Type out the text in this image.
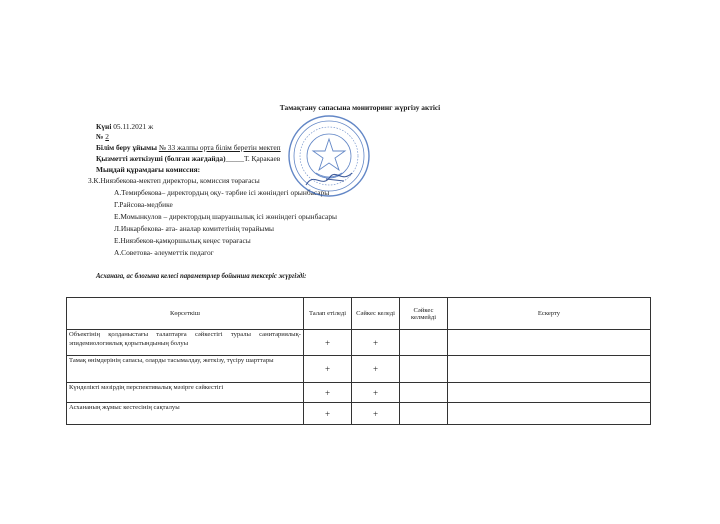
Тамақтану сапасына мониторинг жүргізу актісі
Күні 05.11.2021 ж
№ 2
Білім беру ұйымы № 33 жалпы орта білім беретін мектеп
Қызметті жеткізуші (болған жағдайда)_____Т. Қаракаев
Мыңдай құрамдағы комиссия:
З.К.Ниязбекова-мектеп директоры, комиссия төрағасы
А.Темирбекова– директордың оқу- тәрбие ісі жөніндегі орынбасары
Г.Райсова-медбике
Е.Момынкулов – директордың шаруашылық ісі жөніндегі орынбасары
Л.Инкарбекова- ата- аналар комитетінің төрайымы
Е.Ниязбеков-қамқоршылық кеңес төрағасы
А.Советова- әлеуметтік педагог
Асханаға, ас блогына келесі параметрлер бойынша тексеріс жүргізді:
Көрсеткіш	Талап етіледі	Сәйкес келеді	Сәйкес келмейді	Ескерту
Объектінің қолданыстағы талаптарға сәйкестігі туралы санитариялық-эпидемиологиялық қорытындының болуы	+	+		
Тамақ өнімдерінің сапасы, оларды тасымалдау, жеткізу, түсіру шарттары	+	+		
Күнделікті мәзірдің перспективалық мәзірге сәйкестігі	+	+		
Асхананың жұмыс кестесінің сақталуы	+	+		
